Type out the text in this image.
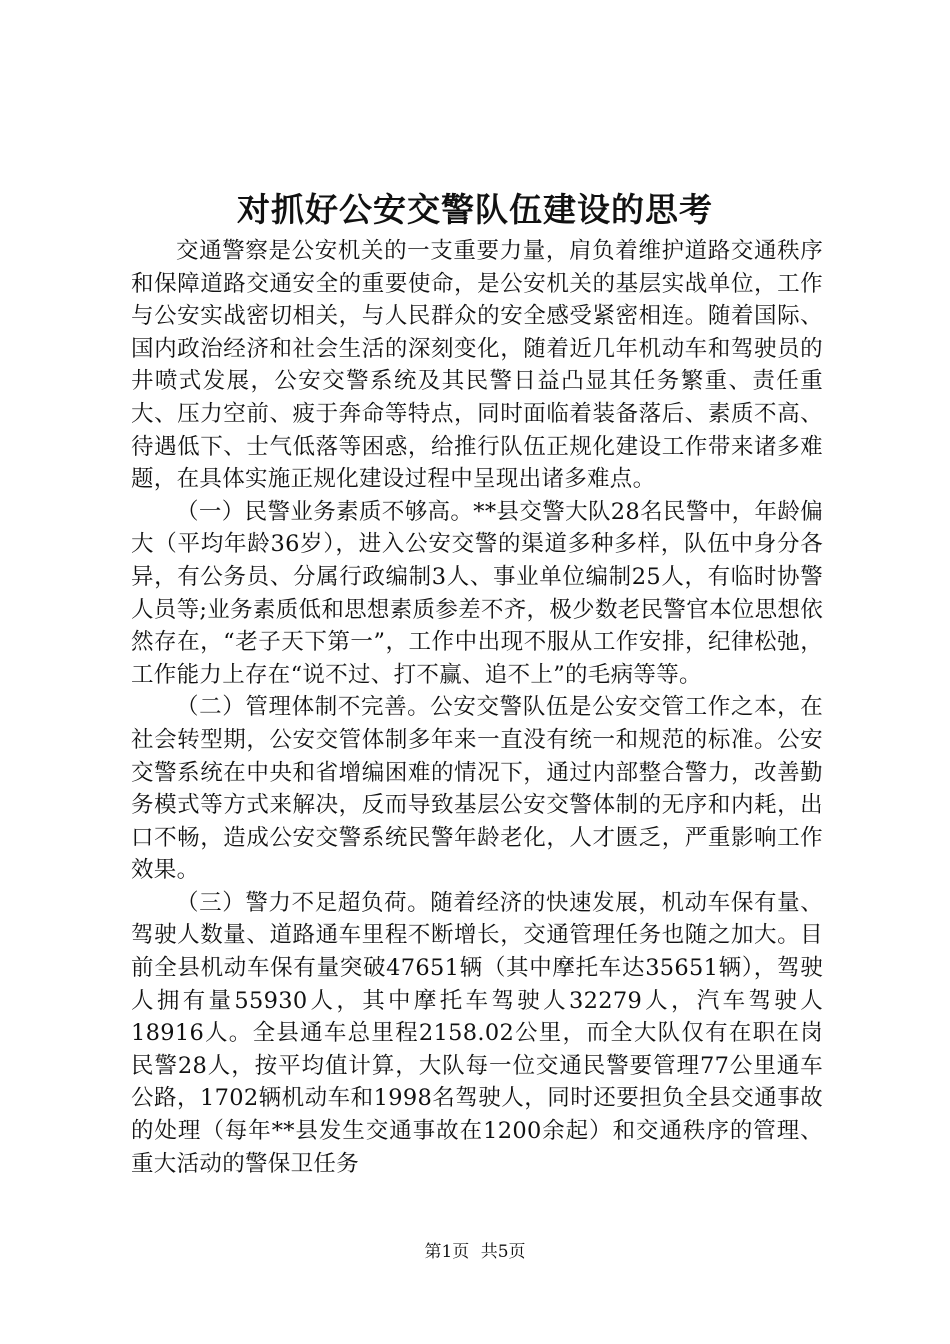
对抓好公安交警队伍建设的思考

交通警察是公安机关的一支重要力量，肩负着维护道路交通秩序和保障道路交通安全的重要使命，是公安机关的基层实战单位，工作与公安实战密切相关，与人民群众的安全感受紧密相连。随着国际、国内政治经济和社会生活的深刻变化，随着近几年机动车和驾驶员的井喷式发展，公安交警系统及其民警日益凸显其任务繁重、责任重大、压力空前、疲于奔命等特点，同时面临着装备落后、素质不高、待遇低下、士气低落等困惑，给推行队伍正规化建设工作带来诸多难题，在具体实施正规化建设过程中呈现出诸多难点。

（一）民警业务素质不够高。**县交警大队28名民警中，年龄偏大（平均年龄36岁），进入公安交警的渠道多种多样，队伍中身分各异，有公务员、分属行政编制3人、事业单位编制25人，有临时协警人员等;业务素质低和思想素质参差不齐，极少数老民警官本位思想依然存在，“老子天下第一”，工作中出现不服从工作安排，纪律松弛，工作能力上存在“说不过、打不赢、追不上”的毛病等等。

（二）管理体制不完善。公安交警队伍是公安交管工作之本，在社会转型期，公安交管体制多年来一直没有统一和规范的标准。公安交警系统在中央和省增编困难的情况下，通过内部整合警力，改善勤务模式等方式来解决，反而导致基层公安交警体制的无序和内耗，出口不畅，造成公安交警系统民警年龄老化，人才匮乏，严重影响工作效果。

（三）警力不足超负荷。随着经济的快速发展，机动车保有量、驾驶人数量、道路通车里程不断增长，交通管理任务也随之加大。目前全县机动车保有量突破47651辆（其中摩托车达35651辆），驾驶人拥有量55930人，其中摩托车驾驶人32279人，汽车驾驶人18916人。全县通车总里程2158.02公里，而全大队仅有在职在岗民警28人，按平均值计算，大队每一位交通民警要管理77公里通车公路，1702辆机动车和1998名驾驶人，同时还要担负全县交通事故的处理（每年**县发生交通事故在1200余起）和交通秩序的管理、重大活动的警保卫任务

第1页 共5页
